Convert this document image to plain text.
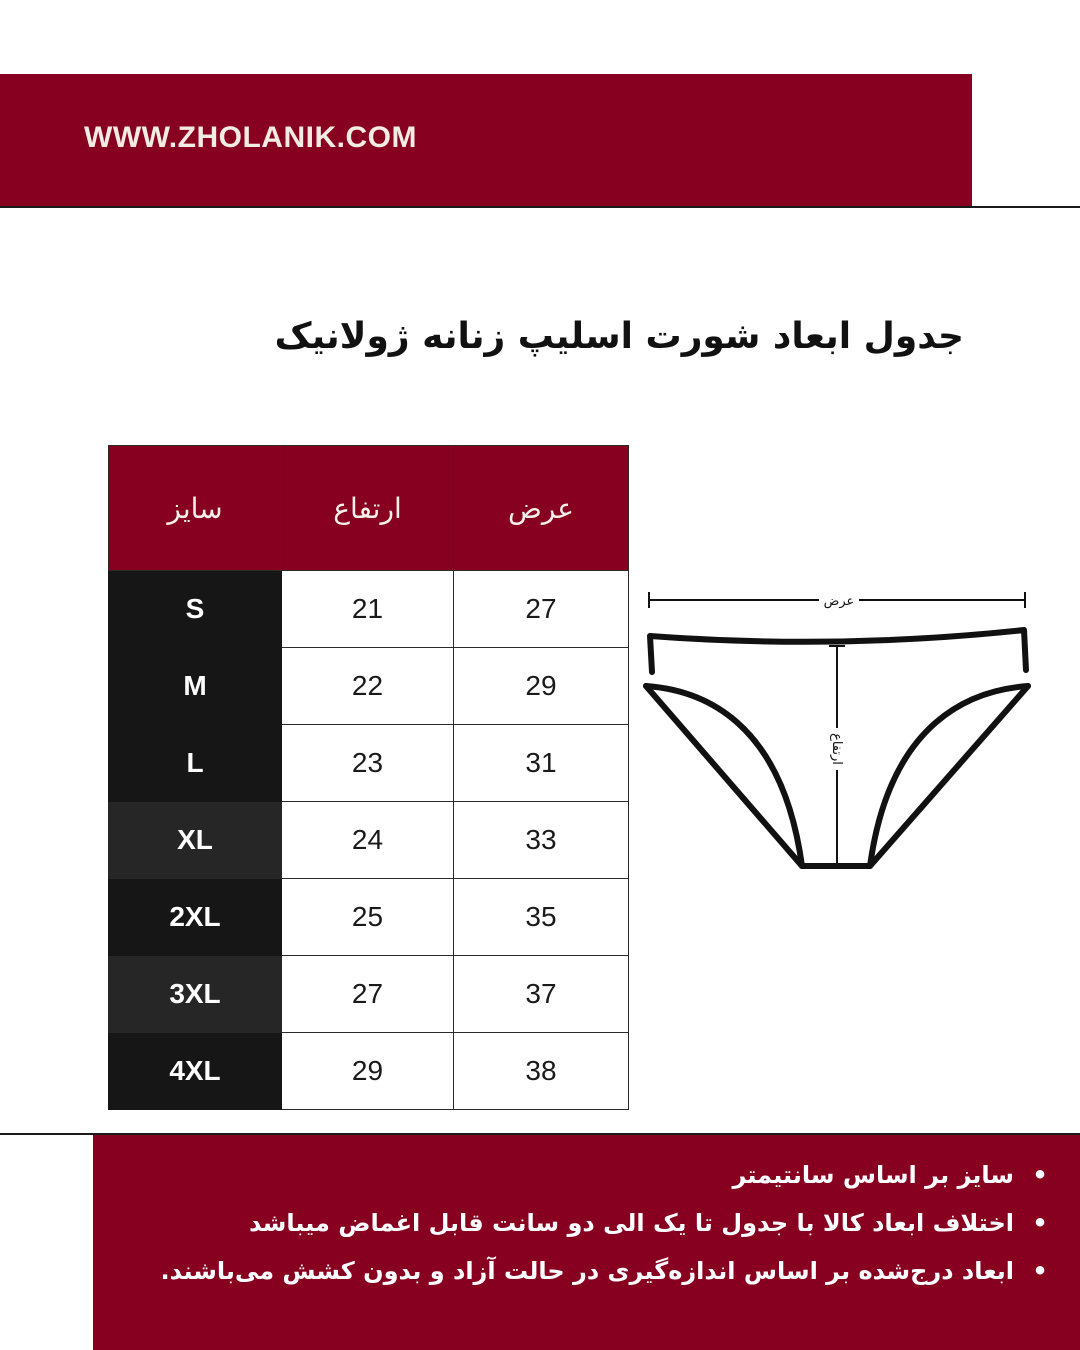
WWW.ZHOLANIK.COM
جدول ابعاد شورت اسلیپ زنانه ژولانیک
سایز	ارتفاع	عرض
S	21	27
M	22	29
L	23	31
XL	24	33
2XL	25	35
3XL	27	37
4XL	29	38
عرض
ارتفاع
• سایز بر اساس سانتیمتر
• اختلاف ابعاد کالا با جدول تا یک الی دو سانت قابل اغماض میباشد
• ابعاد درج‌شده بر اساس اندازه‌گیری در حالت آزاد و بدون کشش می‌باشند.
